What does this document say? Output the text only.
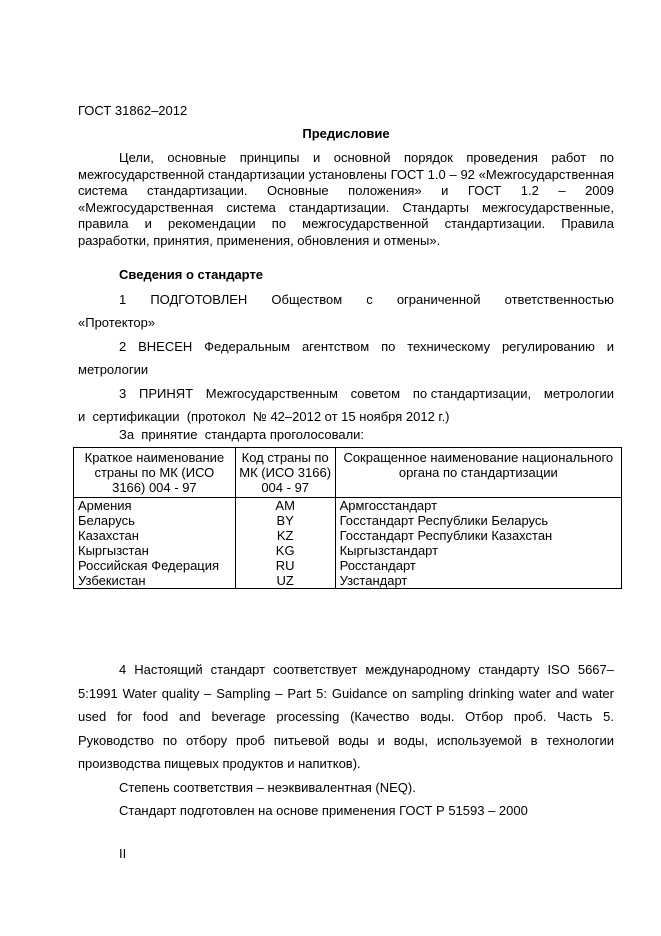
ГОСТ 31862–2012
Предисловие
Цели, основные принципы и основной порядок проведения работ по межгосударственной стандартизации установлены ГОСТ 1.0 – 92 «Межгосударственная система стандартизации. Основные положения» и ГОСТ 1.2 – 2009 «Межгосударственная система стандартизации. Стандарты межгосударственные, правила и рекомендации по межгосударственной стандартизации. Правила разработки, принятия, применения, обновления и отмены».
Сведения о стандарте
1 ПОДГОТОВЛЕН Обществом с ограниченной ответственностью
«Протектор»
2 ВНЕСЕН Федеральным агентством по техническому регулированию и метрологии
3 ПРИНЯТ Межгосударственным советом по стандартизации, метрологии
и  сертификации  (протокол  № 42–2012 от 15 ноября 2012 г.)
За  принятие  стандарта проголосовали:
Краткое наименование страны по МК (ИСО 3166) 004 - 97	Код страны по МК (ИСО 3166) 004 - 97	Сокращенное наименование национального органа по стандартизации
Армения	AM	Армгосстандарт
Беларусь	BY	Госстандарт Республики Беларусь
Казахстан	KZ	Госстандарт Республики Казахстан
Кыргызстан	KG	Кыргызстандарт
Российская Федерация	RU	Росстандарт
Узбекистан	UZ	Узстандарт
4 Настоящий стандарт соответствует международному стандарту ISO 5667–5:1991 Water quality – Sampling – Part 5: Guidance on sampling drinking water and water used for food and beverage processing (Качество воды. Отбор проб. Часть 5. Руководство по отбору проб питьевой воды и воды, используемой в технологии производства пищевых продуктов и напитков).
Степень соответствия – неэквивалентная (NEQ).
Стандарт подготовлен на основе применения ГОСТ Р 51593 – 2000
II
